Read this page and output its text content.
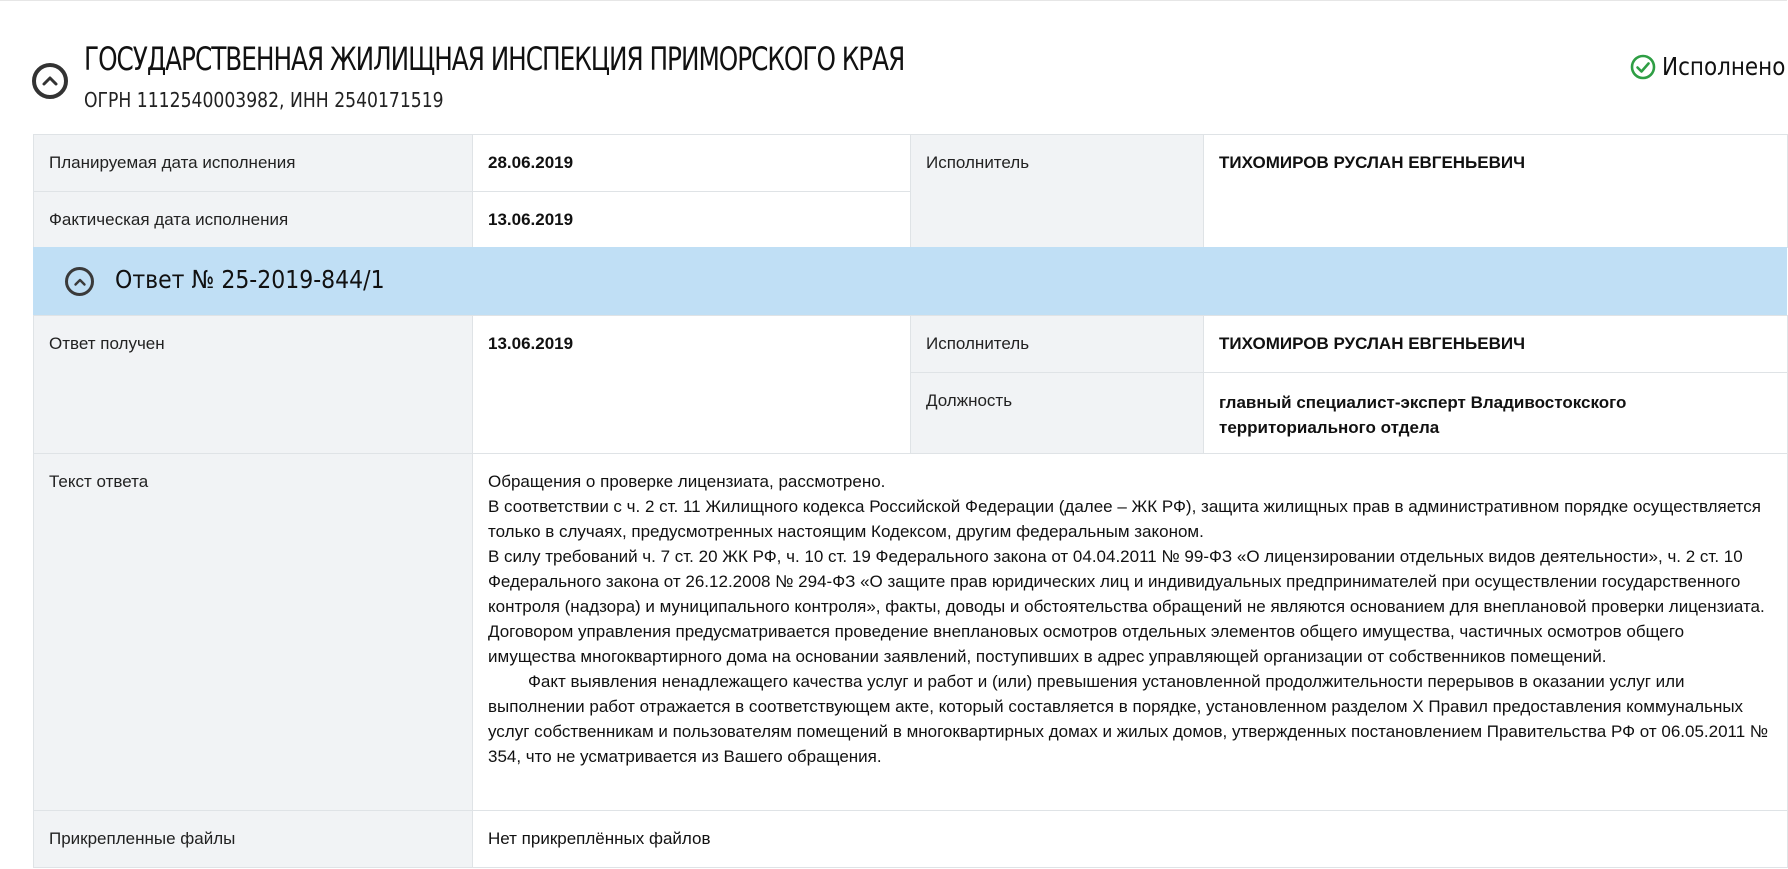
ГОСУДАРСТВЕННАЯ ЖИЛИЩНАЯ ИНСПЕКЦИЯ ПРИМОРСКОГО КРАЯ
ОГРН 1112540003982, ИНН 2540171519
Исполнено
Планируемая дата исполнения	28.06.2019	Исполнитель	ТИХОМИРОВ РУСЛАН ЕВГЕНЬЕВИЧ
Фактическая дата исполнения	13.06.2019		
Ответ № 25-2019-844/1
Ответ получен	13.06.2019	Исполнитель	ТИХОМИРОВ РУСЛАН ЕВГЕНЬЕВИЧ
		Должность	главный специалист-эксперт Владивостокского территориального отдела
Текст ответа	Обращения о проверке лицензиата, рассмотрено.

В соответствии с ч. 2 ст. 11 Жилищного кодекса Российской Федерации (далее – ЖК РФ), защита жилищных прав в административном порядке осуществляется только в случаях, предусмотренных настоящим Кодексом, другим федеральным законом.

В силу требований ч. 7 ст. 20 ЖК РФ, ч. 10 ст. 19 Федерального закона от 04.04.2011 № 99-ФЗ «О лицензировании отдельных видов деятельности», ч. 2 ст. 10 Федерального закона от 26.12.2008 № 294-ФЗ «О защите прав юридических лиц и индивидуальных предпринимателей при осуществлении государственного контроля (надзора) и муниципального контроля», факты, доводы и обстоятельства обращений не являются основанием для внеплановой проверки лицензиата.

Договором управления предусматривается проведение внеплановых осмотров отдельных элементов общего имущества, частичных осмотров общего имущества многоквартирного дома на основании заявлений, поступивших в адрес управляющей организации от собственников помещений.

Факт выявления ненадлежащего качества услуг и работ и (или) превышения установленной продолжительности перерывов в оказании услуг или выполнении работ отражается в соответствующем акте, который составляется в порядке, установленном разделом X Правил предоставления коммунальных услуг собственникам и пользователям помещений в многоквартирных домах и жилых домов, утвержденных постановлением Правительства РФ от 06.05.2011 № 354, что не усматривается из Вашего обращения.

Прикрепленные файлы	Нет прикреплённых файлов
